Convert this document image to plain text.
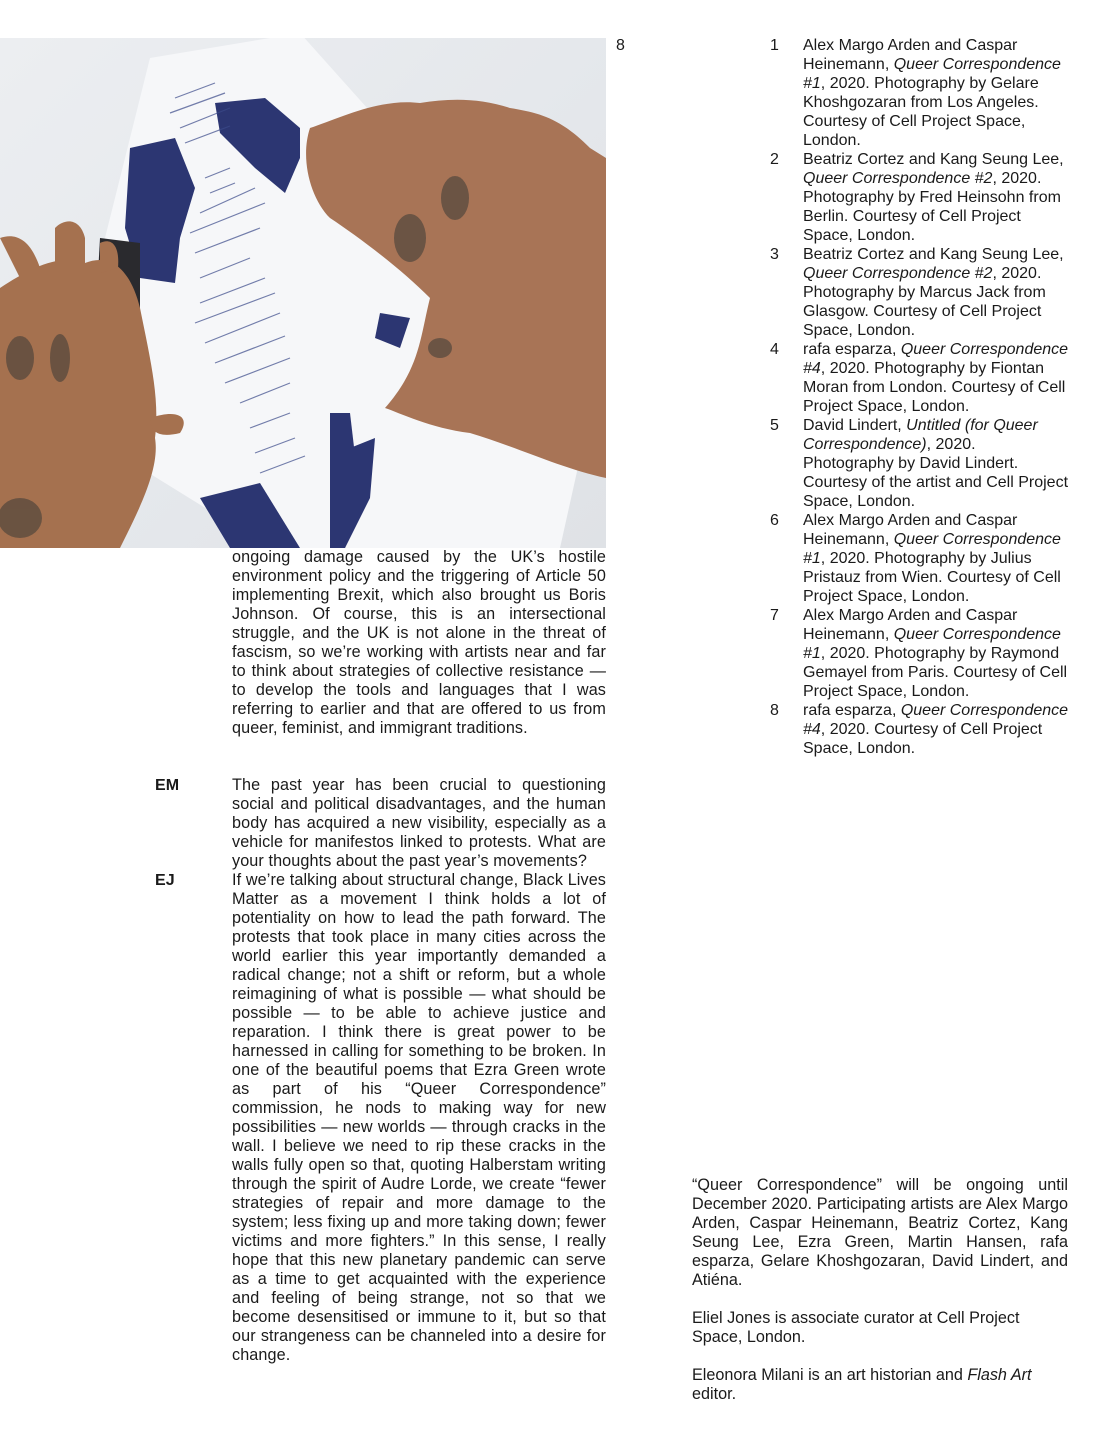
8

ongoing damage caused by the UK’s hostile environment policy and the triggering of Article 50 implementing Brexit, which also brought us Boris Johnson. Of course, this is an intersectional struggle, and the UK is not alone in the threat of fascism, so we’re working with artists near and far to think about strategies of collective resistance — to develop the tools and languages that I was referring to earlier and that are offered to us from queer, feminist, and immigrant traditions.

EM	The past year has been crucial to questioning social and political disadvantages, and the human body has acquired a new visibility, especially as a vehicle for manifestos linked to protests. What are your thoughts about the past year’s movements?

EJ	If we’re talking about structural change, Black Lives Matter as a movement I think holds a lot of potentiality on how to lead the path forward. The protests that took place in many cities across the world earlier this year importantly demanded a radical change; not a shift or reform, but a whole reimagining of what is possible — what should be possible — to be able to achieve justice and reparation. I think there is great power to be harnessed in calling for something to be broken. In one of the beautiful poems that Ezra Green wrote as part of his “Queer Correspondence” commission, he nods to making way for new possibilities — new worlds — through cracks in the wall. I believe we need to rip these cracks in the walls fully open so that, quoting Halberstam writing through the spirit of Audre Lorde, we create “fewer strategies of repair and more damage to the system; less fixing up and more taking down; fewer victims and more fighters.” In this sense, I really hope that this new planetary pandemic can serve as a time to get acquainted with the experience and feeling of being strange, not so that we become desensitised or immune to it, but so that our strangeness can be channeled into a desire for change.

1	Alex Margo Arden and Caspar Heinemann, Queer Correspondence #1, 2020. Photography by Gelare Khoshgozaran from Los Angeles. Courtesy of Cell Project Space, London.
2	Beatriz Cortez and Kang Seung Lee, Queer Correspondence #2, 2020. Photography by Fred Heinsohn from Berlin. Courtesy of Cell Project Space, London.
3	Beatriz Cortez and Kang Seung Lee, Queer Correspondence #2, 2020. Photography by Marcus Jack from Glasgow. Courtesy of Cell Project Space, London.
4	rafa esparza, Queer Correspondence #4, 2020. Photography by Fiontan Moran from London. Courtesy of Cell Project Space, London.
5	David Lindert, Untitled (for Queer Correspondence), 2020. Photography by David Lindert. Courtesy of the artist and Cell Project Space, London.
6	Alex Margo Arden and Caspar Heinemann, Queer Correspondence #1, 2020. Photography by Julius Pristauz from Wien. Courtesy of Cell Project Space, London.
7	Alex Margo Arden and Caspar Heinemann, Queer Correspondence #1, 2020. Photography by Raymond Gemayel from Paris. Courtesy of Cell Project Space, London.
8	rafa esparza, Queer Correspondence #4, 2020. Courtesy of Cell Project Space, London.

“Queer Correspondence” will be ongoing until December 2020. Participating artists are Alex Margo Arden, Caspar Heinemann, Beatriz Cortez, Kang Seung Lee, Ezra Green, Martin Hansen, rafa esparza, Gelare Khoshgozaran, David Lindert, and Atiéna.

Eliel Jones is associate curator at Cell Project Space, London.

Eleonora Milani is an art historian and Flash Art editor.
